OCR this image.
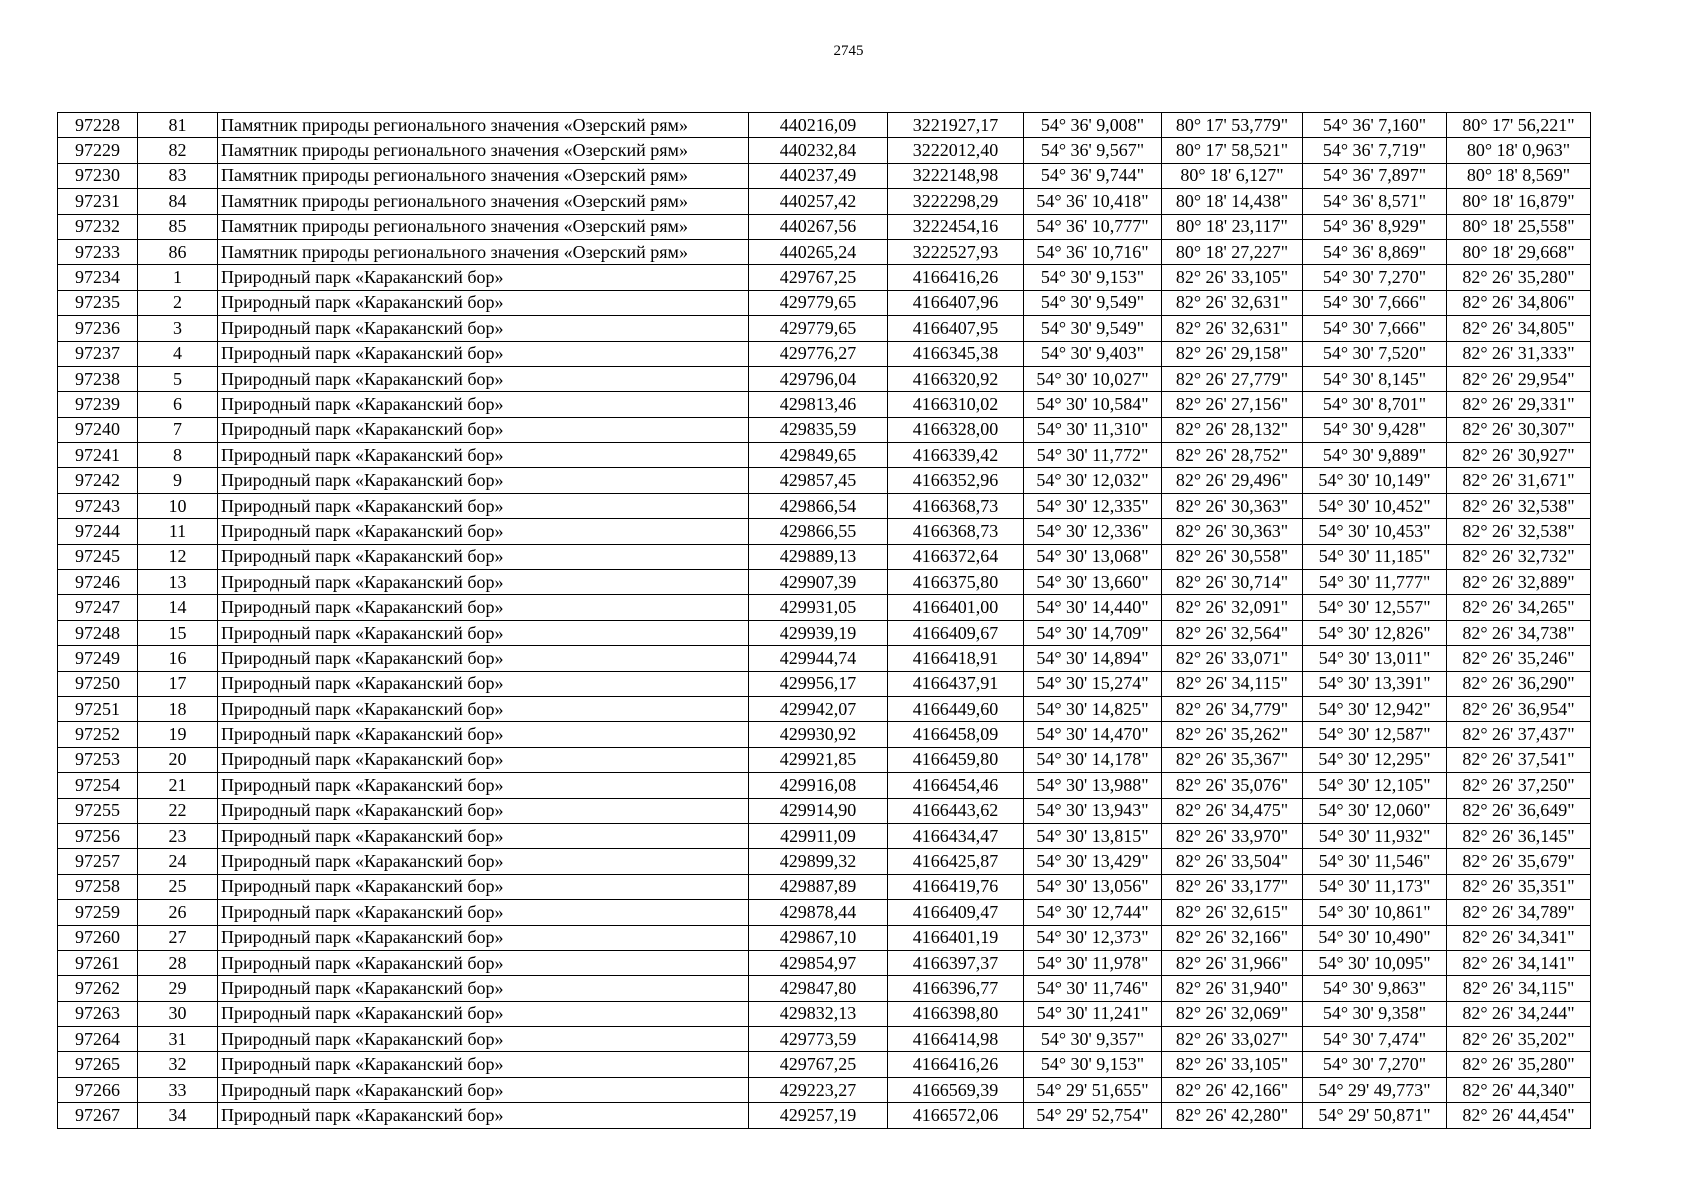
2745
97228	81	Памятник природы регионального значения «Озерский рям»	440216,09	3221927,17	54° 36' 9,008"	80° 17' 53,779"	54° 36' 7,160"	80° 17' 56,221"
97229	82	Памятник природы регионального значения «Озерский рям»	440232,84	3222012,40	54° 36' 9,567"	80° 17' 58,521"	54° 36' 7,719"	80° 18' 0,963"
97230	83	Памятник природы регионального значения «Озерский рям»	440237,49	3222148,98	54° 36' 9,744"	80° 18' 6,127"	54° 36' 7,897"	80° 18' 8,569"
97231	84	Памятник природы регионального значения «Озерский рям»	440257,42	3222298,29	54° 36' 10,418"	80° 18' 14,438"	54° 36' 8,571"	80° 18' 16,879"
97232	85	Памятник природы регионального значения «Озерский рям»	440267,56	3222454,16	54° 36' 10,777"	80° 18' 23,117"	54° 36' 8,929"	80° 18' 25,558"
97233	86	Памятник природы регионального значения «Озерский рям»	440265,24	3222527,93	54° 36' 10,716"	80° 18' 27,227"	54° 36' 8,869"	80° 18' 29,668"
97234	1	Природный парк «Караканский бор»	429767,25	4166416,26	54° 30' 9,153"	82° 26' 33,105"	54° 30' 7,270"	82° 26' 35,280"
97235	2	Природный парк «Караканский бор»	429779,65	4166407,96	54° 30' 9,549"	82° 26' 32,631"	54° 30' 7,666"	82° 26' 34,806"
97236	3	Природный парк «Караканский бор»	429779,65	4166407,95	54° 30' 9,549"	82° 26' 32,631"	54° 30' 7,666"	82° 26' 34,805"
97237	4	Природный парк «Караканский бор»	429776,27	4166345,38	54° 30' 9,403"	82° 26' 29,158"	54° 30' 7,520"	82° 26' 31,333"
97238	5	Природный парк «Караканский бор»	429796,04	4166320,92	54° 30' 10,027"	82° 26' 27,779"	54° 30' 8,145"	82° 26' 29,954"
97239	6	Природный парк «Караканский бор»	429813,46	4166310,02	54° 30' 10,584"	82° 26' 27,156"	54° 30' 8,701"	82° 26' 29,331"
97240	7	Природный парк «Караканский бор»	429835,59	4166328,00	54° 30' 11,310"	82° 26' 28,132"	54° 30' 9,428"	82° 26' 30,307"
97241	8	Природный парк «Караканский бор»	429849,65	4166339,42	54° 30' 11,772"	82° 26' 28,752"	54° 30' 9,889"	82° 26' 30,927"
97242	9	Природный парк «Караканский бор»	429857,45	4166352,96	54° 30' 12,032"	82° 26' 29,496"	54° 30' 10,149"	82° 26' 31,671"
97243	10	Природный парк «Караканский бор»	429866,54	4166368,73	54° 30' 12,335"	82° 26' 30,363"	54° 30' 10,452"	82° 26' 32,538"
97244	11	Природный парк «Караканский бор»	429866,55	4166368,73	54° 30' 12,336"	82° 26' 30,363"	54° 30' 10,453"	82° 26' 32,538"
97245	12	Природный парк «Караканский бор»	429889,13	4166372,64	54° 30' 13,068"	82° 26' 30,558"	54° 30' 11,185"	82° 26' 32,732"
97246	13	Природный парк «Караканский бор»	429907,39	4166375,80	54° 30' 13,660"	82° 26' 30,714"	54° 30' 11,777"	82° 26' 32,889"
97247	14	Природный парк «Караканский бор»	429931,05	4166401,00	54° 30' 14,440"	82° 26' 32,091"	54° 30' 12,557"	82° 26' 34,265"
97248	15	Природный парк «Караканский бор»	429939,19	4166409,67	54° 30' 14,709"	82° 26' 32,564"	54° 30' 12,826"	82° 26' 34,738"
97249	16	Природный парк «Караканский бор»	429944,74	4166418,91	54° 30' 14,894"	82° 26' 33,071"	54° 30' 13,011"	82° 26' 35,246"
97250	17	Природный парк «Караканский бор»	429956,17	4166437,91	54° 30' 15,274"	82° 26' 34,115"	54° 30' 13,391"	82° 26' 36,290"
97251	18	Природный парк «Караканский бор»	429942,07	4166449,60	54° 30' 14,825"	82° 26' 34,779"	54° 30' 12,942"	82° 26' 36,954"
97252	19	Природный парк «Караканский бор»	429930,92	4166458,09	54° 30' 14,470"	82° 26' 35,262"	54° 30' 12,587"	82° 26' 37,437"
97253	20	Природный парк «Караканский бор»	429921,85	4166459,80	54° 30' 14,178"	82° 26' 35,367"	54° 30' 12,295"	82° 26' 37,541"
97254	21	Природный парк «Караканский бор»	429916,08	4166454,46	54° 30' 13,988"	82° 26' 35,076"	54° 30' 12,105"	82° 26' 37,250"
97255	22	Природный парк «Караканский бор»	429914,90	4166443,62	54° 30' 13,943"	82° 26' 34,475"	54° 30' 12,060"	82° 26' 36,649"
97256	23	Природный парк «Караканский бор»	429911,09	4166434,47	54° 30' 13,815"	82° 26' 33,970"	54° 30' 11,932"	82° 26' 36,145"
97257	24	Природный парк «Караканский бор»	429899,32	4166425,87	54° 30' 13,429"	82° 26' 33,504"	54° 30' 11,546"	82° 26' 35,679"
97258	25	Природный парк «Караканский бор»	429887,89	4166419,76	54° 30' 13,056"	82° 26' 33,177"	54° 30' 11,173"	82° 26' 35,351"
97259	26	Природный парк «Караканский бор»	429878,44	4166409,47	54° 30' 12,744"	82° 26' 32,615"	54° 30' 10,861"	82° 26' 34,789"
97260	27	Природный парк «Караканский бор»	429867,10	4166401,19	54° 30' 12,373"	82° 26' 32,166"	54° 30' 10,490"	82° 26' 34,341"
97261	28	Природный парк «Караканский бор»	429854,97	4166397,37	54° 30' 11,978"	82° 26' 31,966"	54° 30' 10,095"	82° 26' 34,141"
97262	29	Природный парк «Караканский бор»	429847,80	4166396,77	54° 30' 11,746"	82° 26' 31,940"	54° 30' 9,863"	82° 26' 34,115"
97263	30	Природный парк «Караканский бор»	429832,13	4166398,80	54° 30' 11,241"	82° 26' 32,069"	54° 30' 9,358"	82° 26' 34,244"
97264	31	Природный парк «Караканский бор»	429773,59	4166414,98	54° 30' 9,357"	82° 26' 33,027"	54° 30' 7,474"	82° 26' 35,202"
97265	32	Природный парк «Караканский бор»	429767,25	4166416,26	54° 30' 9,153"	82° 26' 33,105"	54° 30' 7,270"	82° 26' 35,280"
97266	33	Природный парк «Караканский бор»	429223,27	4166569,39	54° 29' 51,655"	82° 26' 42,166"	54° 29' 49,773"	82° 26' 44,340"
97267	34	Природный парк «Караканский бор»	429257,19	4166572,06	54° 29' 52,754"	82° 26' 42,280"	54° 29' 50,871"	82° 26' 44,454"
